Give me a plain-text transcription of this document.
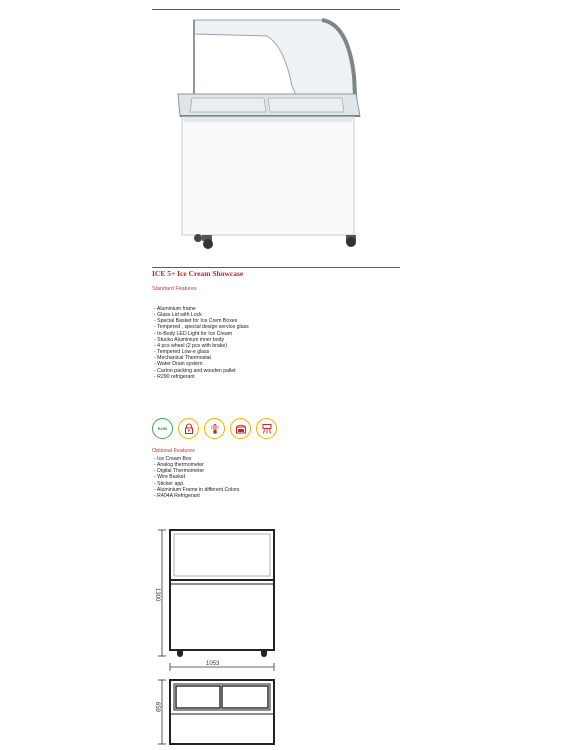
ICE 5+ Ice Cream Showcase
Standard Features
- Aluminium frame
- Glass Lid with Lock
- Special Basket for Ice Crem Boxes
- Tempered , special design service glass
- In-Body LED Light for Ice Cream
- Stucko Aluminium inner body
- 4 pcs wheel (2 pcs with brake)
- Tempered Low-e glass
- Mechanical Thermostat
- Water Drain system
- Carton packing and wooden pallet
- R290 refrigerant
R290
Optional Features
- Ice Cream Box
- Analog thermometer
- Digital Thermometer
- Wire Basket
- Sticker app.
- Aluminium Frame in different Colors
- R404A Refrigerant
1300
1053
659
